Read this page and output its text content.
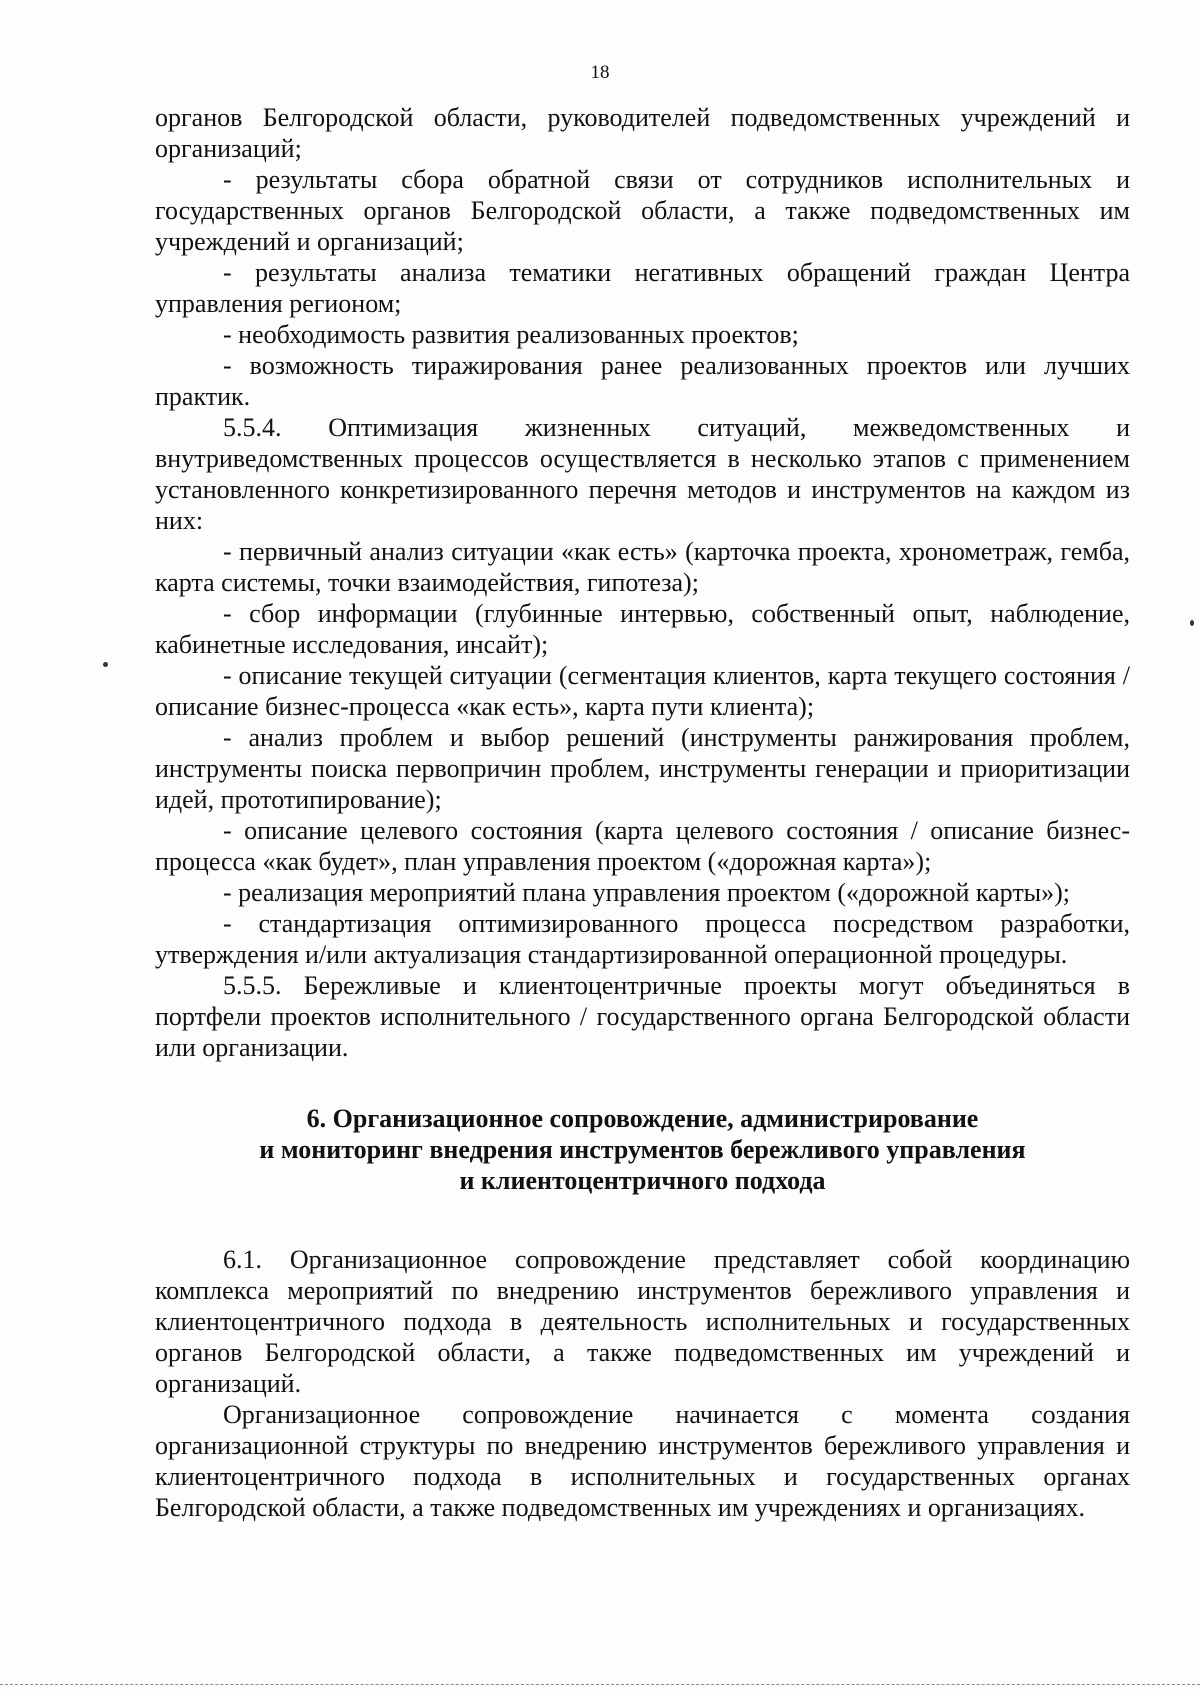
18

органов Белгородской области, руководителей подведомственных учреждений и организаций;

- результаты сбора обратной связи от сотрудников исполнительных и государственных органов Белгородской области, а также подведомственных им учреждений и организаций;

- результаты анализа тематики негативных обращений граждан Центра управления регионом;

- необходимость развития реализованных проектов;

- возможность тиражирования ранее реализованных проектов или лучших практик.

5.5.4. Оптимизация жизненных ситуаций, межведомственных и внутриведомственных процессов осуществляется в несколько этапов с применением установленного конкретизированного перечня методов и инструментов на каждом из них:

- первичный анализ ситуации «как есть» (карточка проекта, хронометраж, гемба, карта системы, точки взаимодействия, гипотеза);

- сбор информации (глубинные интервью, собственный опыт, наблюдение, кабинетные исследования, инсайт);

- описание текущей ситуации (сегментация клиентов, карта текущего состояния / описание бизнес-процесса «как есть», карта пути клиента);

- анализ проблем и выбор решений (инструменты ранжирования проблем, инструменты поиска первопричин проблем, инструменты генерации и приоритизации идей, прототипирование);

- описание целевого состояния (карта целевого состояния / описание бизнес-процесса «как будет», план управления проектом («дорожная карта»);

- реализация мероприятий плана управления проектом («дорожной карты»);

- стандартизация оптимизированного процесса посредством разработки, утверждения и/или актуализация стандартизированной операционной процедуры.

5.5.5. Бережливые и клиентоцентричные проекты могут объединяться в портфели проектов исполнительного / государственного органа Белгородской области или организации.

6. Организационное сопровождение, администрирование
и мониторинг внедрения инструментов бережливого управления
и клиентоцентричного подхода

6.1. Организационное сопровождение представляет собой координацию комплекса мероприятий по внедрению инструментов бережливого управления и клиентоцентричного подхода в деятельность исполнительных и государственных органов Белгородской области, а также подведомственных им учреждений и организаций.

Организационное сопровождение начинается с момента создания организационной структуры по внедрению инструментов бережливого управления и клиентоцентричного подхода в исполнительных и государственных органах Белгородской области, а также подведомственных им учреждениях и организациях.
